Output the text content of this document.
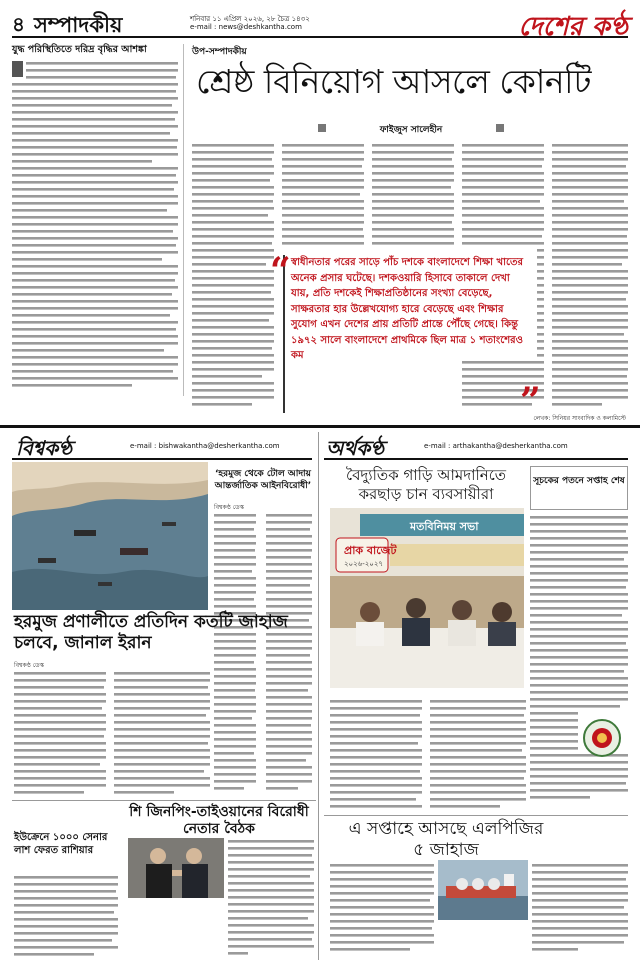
৪ সম্পাদকীয়	শনিবার ১১ এপ্রিল ২০২৬, ২৮ চৈত্র ১৪৩২
e-mail : news@deshkantha.com	দেশের কণ্ঠ
যুদ্ধ পরিস্থিতিতে দরিদ্র বৃদ্ধির আশঙ্কা	উপ-সম্পাদকীয়
শ্রেষ্ঠ বিনিয়োগ আসলে কোনটি
ফাইজুস সালেহীন
স্বাধীনতার পরের সাড়ে পাঁচ দশকে বাংলাদেশে শিক্ষা খাতের অনেক প্রসার ঘটেছে। দশকওয়ারি হিসাবে তাকালে দেখা যায়, প্রতি দশকেই শিক্ষাপ্রতিষ্ঠানের সংখ্যা বেড়েছে, সাক্ষরতার হার উল্লেখযোগ্য হারে বেড়েছে এবং শিক্ষার সুযোগ এখন দেশের প্রায় প্রতিটি প্রান্তে পৌঁছে গেছে। কিন্তু ১৯৭২ সালে বাংলাদেশে প্রাথমিকে ছিল মাত্র ১ শতাংশেরও কম
“
”
লেখক: সিনিয়র সাংবাদিক ও কলামিস্টে
বিশ্বকণ্ঠ	e-mail : bishwakantha@desherkantha.com
‘হরমুজ থেকে টোল আদায় আন্তর্জাতিক আইনবিরোধী’
বিশ্বকণ্ঠ ডেস্ক
হরমুজ প্রণালীতে প্রতিদিন কতটি জাহাজ চলবে, জানাল ইরান
বিশ্বকণ্ঠ ডেস্ক
ইউক্রেনে ১০০০ সেনার লাশ ফেরত রাশিয়ার
শি জিনপিং-তাইওয়ানের বিরোধী নেতার বৈঠক
অর্থকণ্ঠ	e-mail : arthakantha@desherkantha.com
বৈদ্যুতিক গাড়ি আমদানিতে করছাড় চান ব্যবসায়ীরা
প্রাক বাজেট
২০২৬-২০২৭
মতবিনিময় সভা
সূচকের পতনে সপ্তাহ শেষ
এ সপ্তাহে আসছে এলপিজির ৫ জাহাজ
